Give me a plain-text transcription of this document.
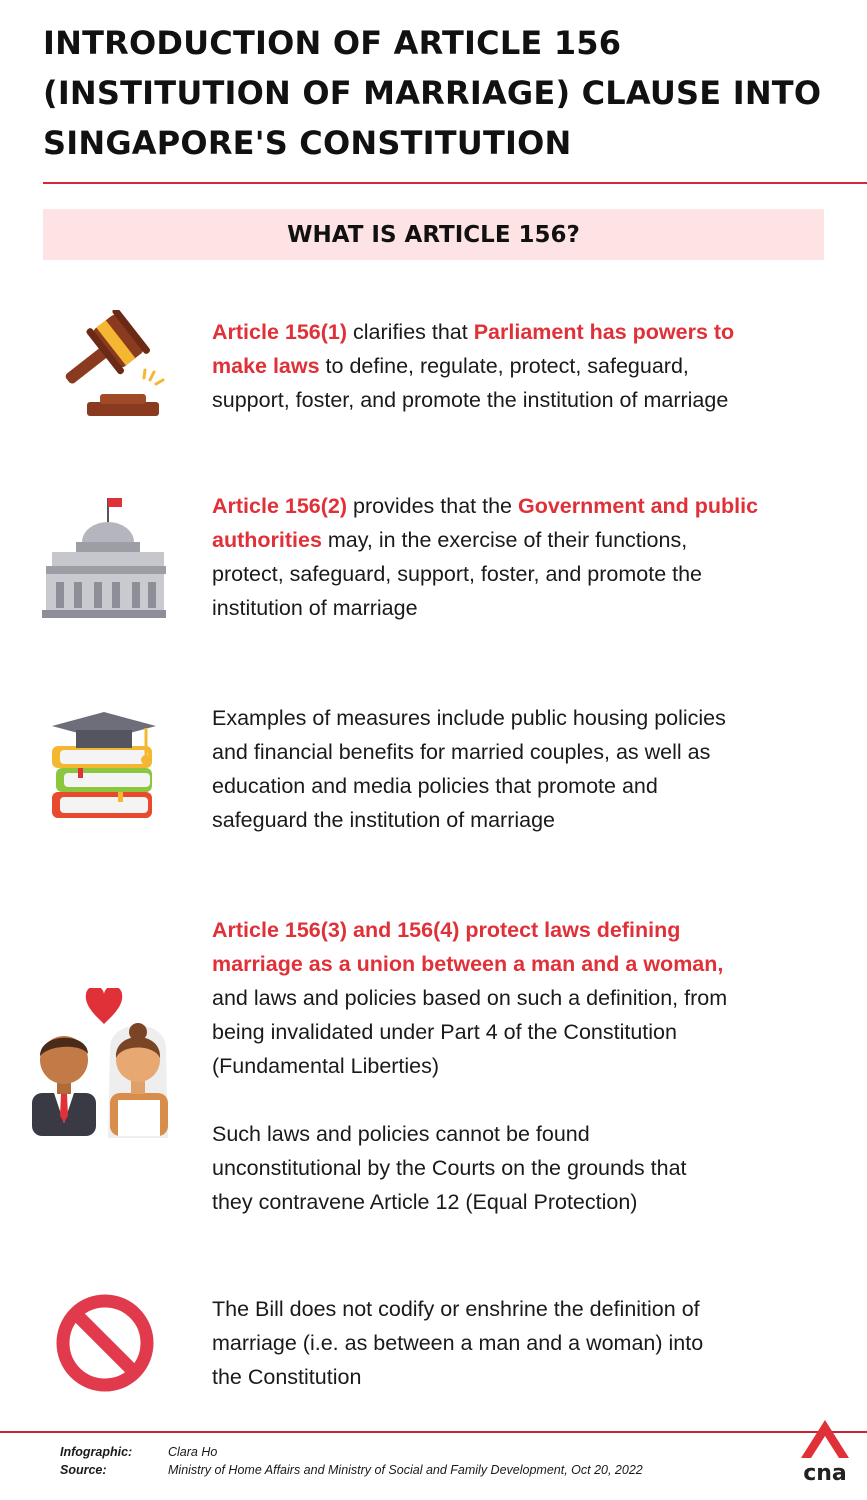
INTRODUCTION OF ARTICLE 156
(INSTITUTION OF MARRIAGE) CLAUSE INTO
SINGAPORE'S CONSTITUTION
WHAT IS ARTICLE 156?
Article 156(1) clarifies that Parliament has powers to
make laws to define, regulate, protect, safeguard,
support, foster, and promote the institution of marriage
Article 156(2) provides that the Government and public
authorities may, in the exercise of their functions,
protect, safeguard, support, foster, and promote the
institution of marriage
Examples of measures include public housing policies
and financial benefits for married couples, as well as
education and media policies that promote and
safeguard the institution of marriage
Article 156(3) and 156(4) protect laws defining
marriage as a union between a man and a woman,
and laws and policies based on such a definition, from
being invalidated under Part 4 of the Constitution
(Fundamental Liberties)
Such laws and policies cannot be found
unconstitutional by the Courts on the grounds that
they contravene Article 12 (Equal Protection)
The Bill does not codify or enshrine the definition of
marriage (i.e. as between a man and a woman) into
the Constitution
Infographic:	Clara Ho
Source:	Ministry of Home Affairs and Ministry of Social and Family Development, Oct 20, 2022	cna
